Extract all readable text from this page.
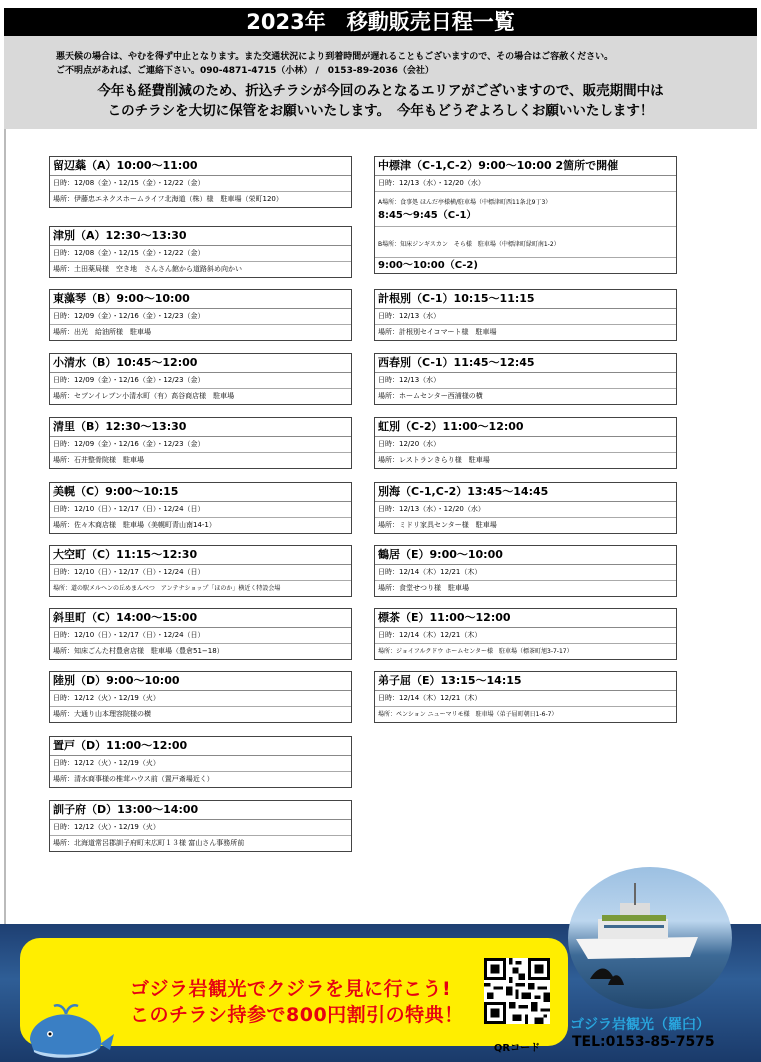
2023年　移動販売日程一覧
悪天候の場合は、やむを得ず中止となります。また交通状況により到着時間が遅れることもございますので、その場合はご容赦ください。
ご不明点があれば、ご連絡下さい。090-4871-4715（小林） /　0153-89-2036（会社）
今年も経費削減のため、折込チラシが今回のみとなるエリアがございますので、販売期間中は
このチラシを大切に保管をお願いいたします。　今年もどうぞよろしくお願いいたします！
留辺蘂（A）10:00〜11:00
日時：12/08（金）・12/15（金）・12/22（金）
場所：伊藤忠エネクスホームライフ北海道（株）様　駐車場（栄町120）
津別（A）12:30〜13:30
日時：12/08（金）・12/15（金）・12/22（金）
場所：土田薬局様　空き地　さんさん館から道路斜め向かい
東藻琴（B）9:00〜10:00
日時：12/09（金）・12/16（金）・12/23（金）
場所：出光　給油所様　駐車場
小清水（B）10:45〜12:00
日時：12/09（金）・12/16（金）・12/23（金）
場所：セブンイレブン小清水町（有）高谷商店様　駐車場
清里（B）12:30〜13:30
日時：12/09（金）・12/16（金）・12/23（金）
場所：石井整骨院様　駐車場
美幌（C）9:00〜10:15
日時：12/10（日）・12/17（日）・12/24（日）
場所：佐々木商店様　駐車場（美幌町青山南14-1）
大空町（C）11:15〜12:30
日時：12/10（日）・12/17（日）・12/24（日）
場所：道の駅メルヘンの丘めまんべつ　アンテナショップ「ほのか」横近く特設会場
斜里町（C）14:00〜15:00
日時：12/10（日）・12/17（日）・12/24（日）
場所：知床ごんた村豊倉店様　駐車場（豊倉51−18）
陸別（D）9:00〜10:00
日時：12/12（火）・12/19（火）
場所：大通り山本理容院様の横
置戸（D）11:00〜12:00
日時：12/12（火）・12/19（火）
場所：清水商事様の椎茸ハウス前（置戸斎場近く）
訓子府（D）13:00〜14:00
日時：12/12（火）・12/19（火）
場所：北海道常呂郡訓子府町末広町１３様 富山さん事務所前
中標津（C-1,C-2）9:00〜10:00 2箇所で開催
日時：12/13（水）・12/20（水）
A場所：食事処 ほんだ亭様横/駐車場（中標津町西11条北9丁3）
8:45〜9:45（C-1）
B場所：知床ジンギスカン　そら様　駐車場（中標津町緑町南1-2）
9:00〜10:00（C-2)
計根別（C-1）10:15〜11:15
日時：12/13（水）
場所：計根別セイコマート様　駐車場
西春別（C-1）11:45〜12:45
日時：12/13（水）
場所：ホームセンター西浦様の横
虹別（C-2）11:00〜12:00
日時：12/20（水）
場所：レストランきらり様　駐車場
別海（C-1,C-2）13:45〜14:45
日時：12/13（水）・12/20（水）
場所：ミドリ家具センター様　駐車場
鶴居（E）9:00〜10:00
日時：12/14（木）12/21（木）
場所：食堂せつり様　駐車場
標茶（E）11:00〜12:00
日時：12/14（木）12/21（木）
場所：ジョイフルクドウ ホームセンター様　駐車場（標茶町旭3-7-17）
弟子屈（E）13:15〜14:15
日時：12/14（木）12/21（木）
場所：ペンション ニューマリモ様　駐車場（弟子屈町朝日1-6-7）
ゴジラ岩観光でクジラを見に行こう!
このチラシ持参で800円割引の特典！
QRコード
ゴジラ岩観光（羅臼）
TEL:0153-85-7575
